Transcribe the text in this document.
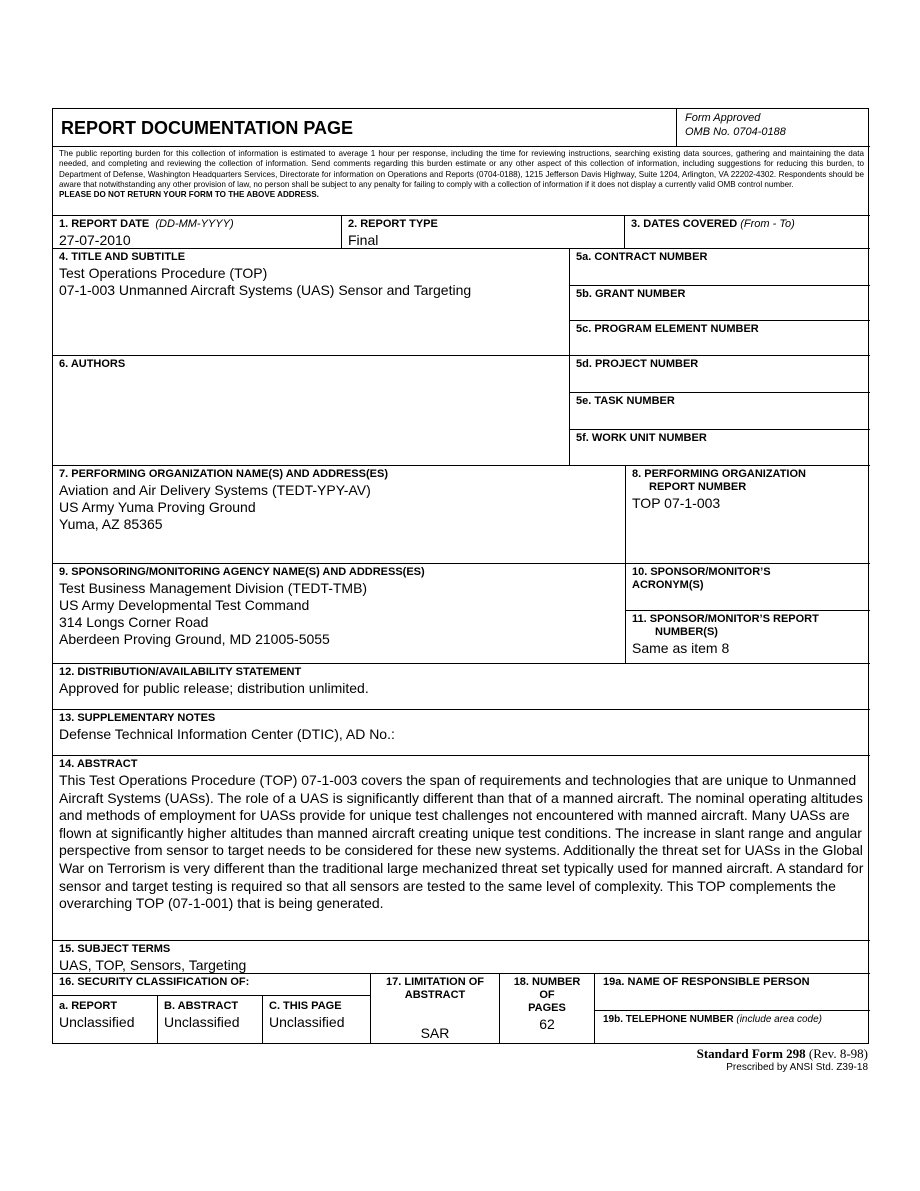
REPORT DOCUMENTATION PAGE	Form Approved
OMB No. 0704-0188
The public reporting burden for this collection of information is estimated to average 1 hour per response, including the time for reviewing instructions, searching existing data sources, gathering and maintaining the data needed, and completing and reviewing the collection of information. Send comments regarding this burden estimate or any other aspect of this collection of information, including suggestions for reducing this burden, to Department of Defense, Washington Headquarters Services, Directorate for information on Operations and Reports (0704-0188), 1215 Jefferson Davis Highway, Suite 1204, Arlington, VA 22202-4302. Respondents should be aware that notwithstanding any other provision of law, no person shall be subject to any penalty for failing to comply with a collection of information if it does not display a currently valid OMB control number.
PLEASE DO NOT RETURN YOUR FORM TO THE ABOVE ADDRESS.
1. REPORT DATE (DD-MM-YYYY)
27-07-2010
2. REPORT TYPE
Final
3. DATES COVERED (From - To)
4. TITLE AND SUBTITLE
Test Operations Procedure (TOP)
07-1-003 Unmanned Aircraft Systems (UAS) Sensor and Targeting
5a. CONTRACT NUMBER
5b. GRANT NUMBER
5c. PROGRAM ELEMENT NUMBER
6. AUTHORS	5d. PROJECT NUMBER
5e. TASK NUMBER
5f. WORK UNIT NUMBER
7. PERFORMING ORGANIZATION NAME(S) AND ADDRESS(ES)
Aviation and Air Delivery Systems (TEDT-YPY-AV)
US Army Yuma Proving Ground
Yuma, AZ 85365
8. PERFORMING ORGANIZATION
REPORT NUMBER
TOP 07-1-003
9. SPONSORING/MONITORING AGENCY NAME(S) AND ADDRESS(ES)
Test Business Management Division (TEDT-TMB)
US Army Developmental Test Command
314 Longs Corner Road
Aberdeen Proving Ground, MD 21005-5055
10. SPONSOR/MONITOR’S
ACRONYM(S)
11. SPONSOR/MONITOR’S REPORT
NUMBER(S)
Same as item 8
12. DISTRIBUTION/AVAILABILITY STATEMENT
Approved for public release; distribution unlimited.
13. SUPPLEMENTARY NOTES
Defense Technical Information Center (DTIC), AD No.:
14. ABSTRACT
This Test Operations Procedure (TOP) 07-1-003 covers the span of requirements and technologies that are unique to Unmanned Aircraft Systems (UASs). The role of a UAS is significantly different than that of a manned aircraft. The nominal operating altitudes and methods of employment for UASs provide for unique test challenges not encountered with manned aircraft. Many UASs are flown at significantly higher altitudes than manned aircraft creating unique test conditions. The increase in slant range and angular perspective from sensor to target needs to be considered for these new systems. Additionally the threat set for UASs in the Global War on Terrorism is very different than the traditional large mechanized threat set typically used for manned aircraft. A standard for sensor and target testing is required so that all sensors are tested to the same level of complexity. This TOP complements the overarching TOP (07-1-001) that is being generated.
15. SUBJECT TERMS
UAS, TOP, Sensors, Targeting
16. SECURITY CLASSIFICATION OF:
a. REPORT
Unclassified
B. ABSTRACT
Unclassified
C. THIS PAGE
Unclassified
17. LIMITATION OF
ABSTRACT
SAR
18. NUMBER
OF
PAGES
62
19a. NAME OF RESPONSIBLE PERSON
19b. TELEPHONE NUMBER (include area code)
Standard Form 298 (Rev. 8-98)
Prescribed by ANSI Std. Z39-18
